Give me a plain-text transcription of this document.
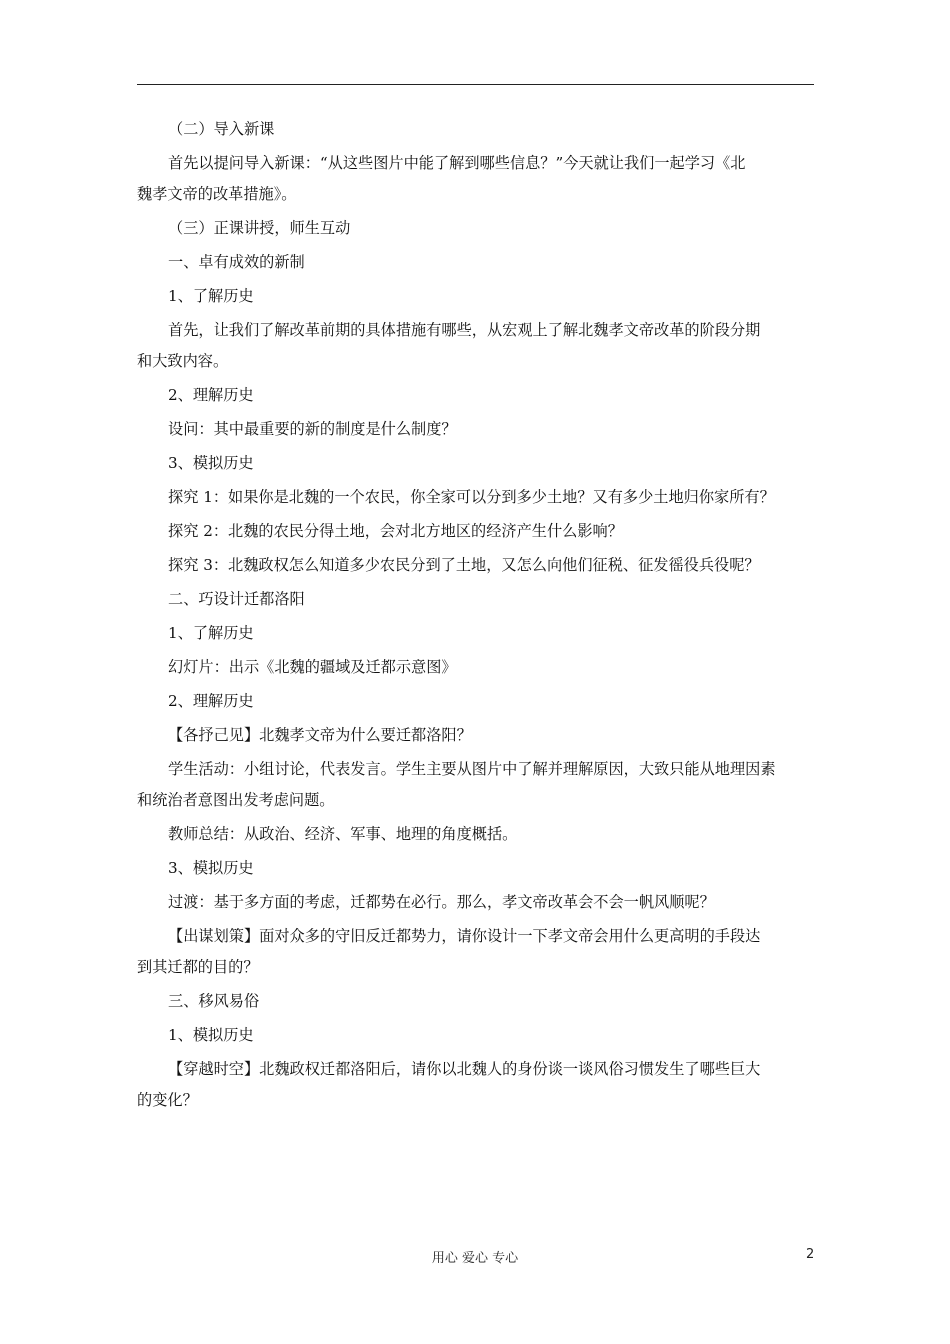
（二）导入新课

首先以提问导入新课：“从这些图片中能了解到哪些信息？”今天就让我们一起学习《北

魏孝文帝的改革措施》。

（三）正课讲授，师生互动

一、卓有成效的新制

1、了解历史

首先，让我们了解改革前期的具体措施有哪些，从宏观上了解北魏孝文帝改革的阶段分期

和大致内容。

2、理解历史

设问：其中最重要的新的制度是什么制度？

3、模拟历史

探究 1：如果你是北魏的一个农民，你全家可以分到多少土地？又有多少土地归你家所有？

探究 2：北魏的农民分得土地，会对北方地区的经济产生什么影响？

探究 3：北魏政权怎么知道多少农民分到了土地，又怎么向他们征税、征发徭役兵役呢？

二、巧设计迁都洛阳

1、了解历史

幻灯片：出示《北魏的疆域及迁都示意图》

2、理解历史

【各抒己见】北魏孝文帝为什么要迁都洛阳？

学生活动：小组讨论，代表发言。学生主要从图片中了解并理解原因，大致只能从地理因素

和统治者意图出发考虑问题。

教师总结：从政治、经济、军事、地理的角度概括。

3、模拟历史

过渡：基于多方面的考虑，迁都势在必行。那么，孝文帝改革会不会一帆风顺呢？

【出谋划策】面对众多的守旧反迁都势力，请你设计一下孝文帝会用什么更高明的手段达

到其迁都的目的？

三、移风易俗

1、模拟历史

【穿越时空】北魏政权迁都洛阳后，请你以北魏人的身份谈一谈风俗习惯发生了哪些巨大

的变化？

用心 爱心 专心	2
